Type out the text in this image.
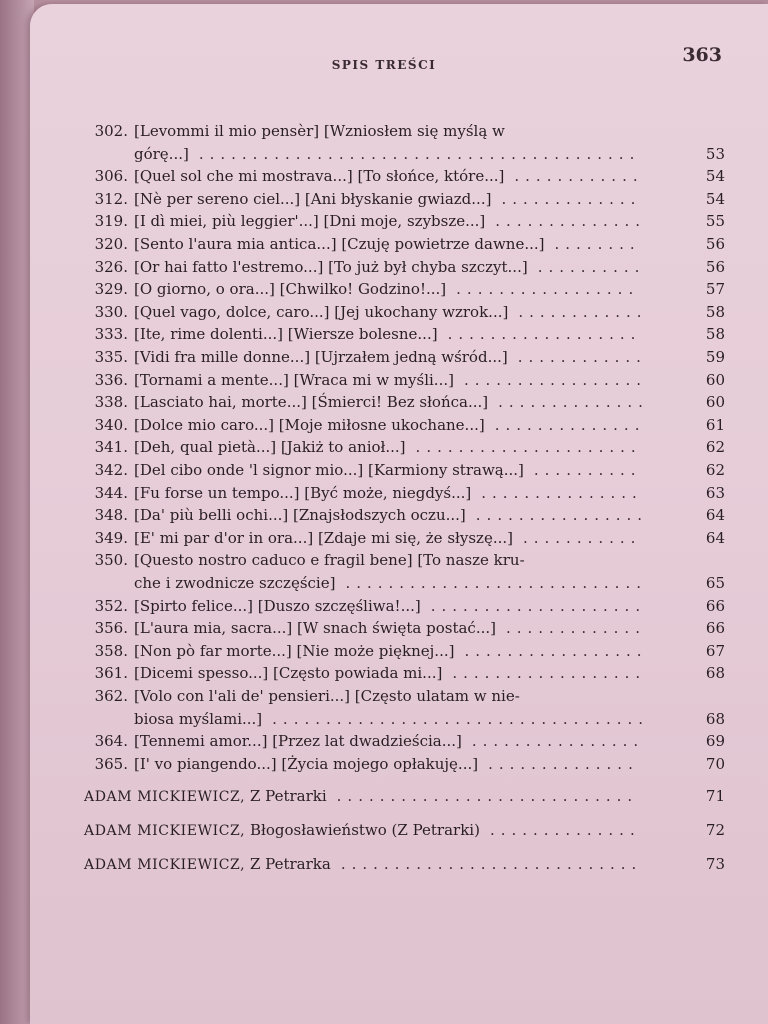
SPIS TREŚCI	363
302. [Levommi il mio pensèr] [Wzniosłem się myślą w
górę...] .........................................	53
306. [Quel sol che mi mostrava...] [To słońce, które...] ............	54
312. [Nè per sereno ciel...] [Ani błyskanie gwiazd...] .............	54
319. [I dì miei, più leggier'...] [Dni moje, szybsze...] ..............	55
320. [Sento l'aura mia antica...] [Czuję powietrze dawne...] ........	56
326. [Or hai fatto l'estremo...] [To już był chyba szczyt...] ..........	56
329. [O giorno, o ora...] [Chwilko! Godzino!...] .................	57
330. [Quel vago, dolce, caro...] [Jej ukochany wzrok...] ............	58
333. [Ite, rime dolenti...] [Wiersze bolesne...] ..................	58
335. [Vidi fra mille donne...] [Ujrzałem jedną wśród...] ............	59
336. [Tornami a mente...] [Wraca mi w myśli...] .................	60
338. [Lasciato hai, morte...] [Śmierci! Bez słońca...] ..............	60
340. [Dolce mio caro...] [Moje miłosne ukochane...] ..............	61
341. [Deh, qual pietà...] [Jakiż to anioł...] .....................	62
342. [Del cibo onde 'l signor mio...] [Karmiony strawą...] ..........	62
344. [Fu forse un tempo...] [Być może, niegdyś...] ...............	63
348. [Da' più belli ochi...] [Znajsłodszych oczu...] ................	64
349. [E' mi par d'or in ora...] [Zdaje mi się, że słyszę...] ...........	64
350. [Questo nostro caduco e fragil bene] [To nasze kru-
che i zwodnicze szczęście] ............................	65
352. [Spirto felice...] [Duszo szczęśliwa!...] ....................	66
356. [L'aura mia, sacra...] [W snach święta postać...] .............	66
358. [Non pò far morte...] [Nie może pięknej...] .................	67
361. [Dicemi spesso...] [Często powiada mi...] ..................	68
362. [Volo con l'ali de' pensieri...] [Często ulatam w nie-
biosa myślami...] ...................................	68
364. [Tennemi amor...] [Przez lat dwadzieścia...] ................	69
365. [I' vo piangendo...] [Życia mojego opłakuję...] ..............	70
ADAM MICKIEWICZ, Z Petrarki ............................	71
ADAM MICKIEWICZ, Błogosławieństwo (Z Petrarki) ..............	72
ADAM MICKIEWICZ, Z Petrarka ............................	73
